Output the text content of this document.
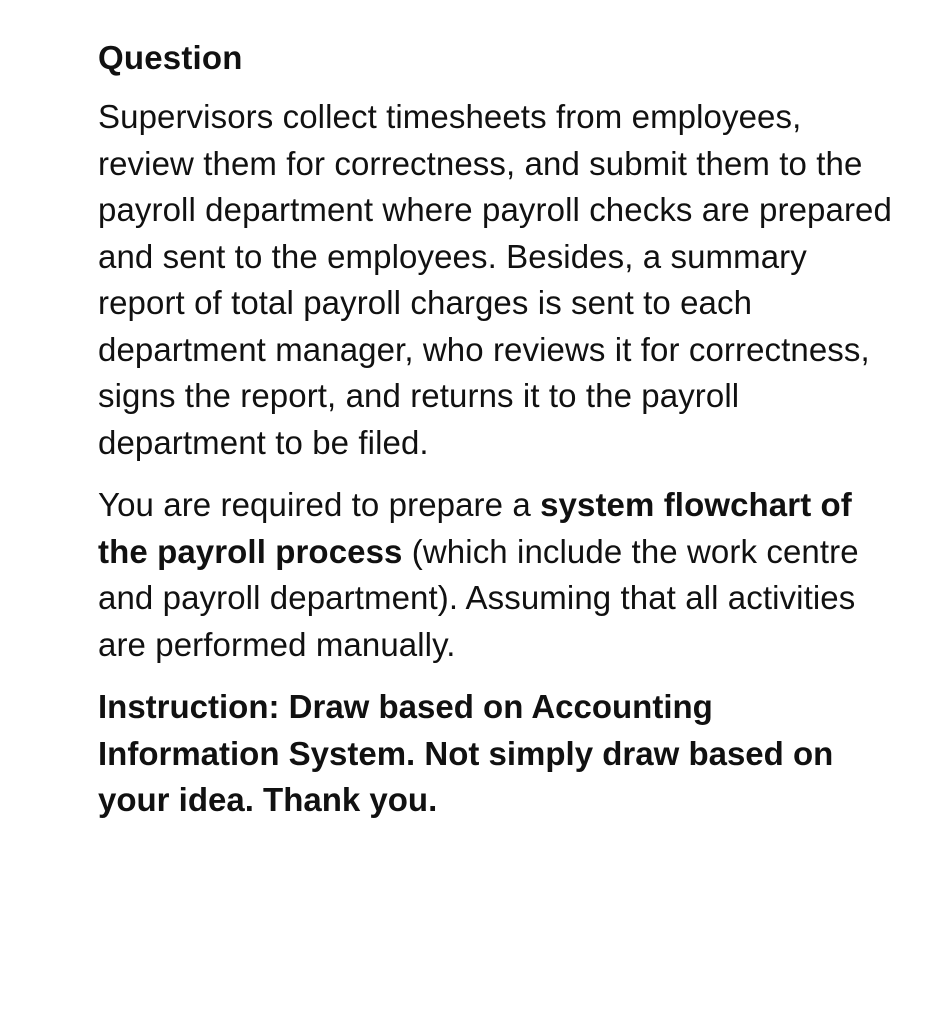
Question

Supervisors collect timesheets from employees, review them for correctness, and submit them to the payroll department where payroll checks are prepared and sent to the employees. Besides, a summary report of total payroll charges is sent to each department manager, who reviews it for correctness, signs the report, and returns it to the payroll department to be filed.

You are required to prepare a system flowchart of the payroll process (which include the work centre and payroll department). Assuming that all activities are performed manually.

Instruction: Draw based on Accounting Information System. Not simply draw based on your idea. Thank you.
